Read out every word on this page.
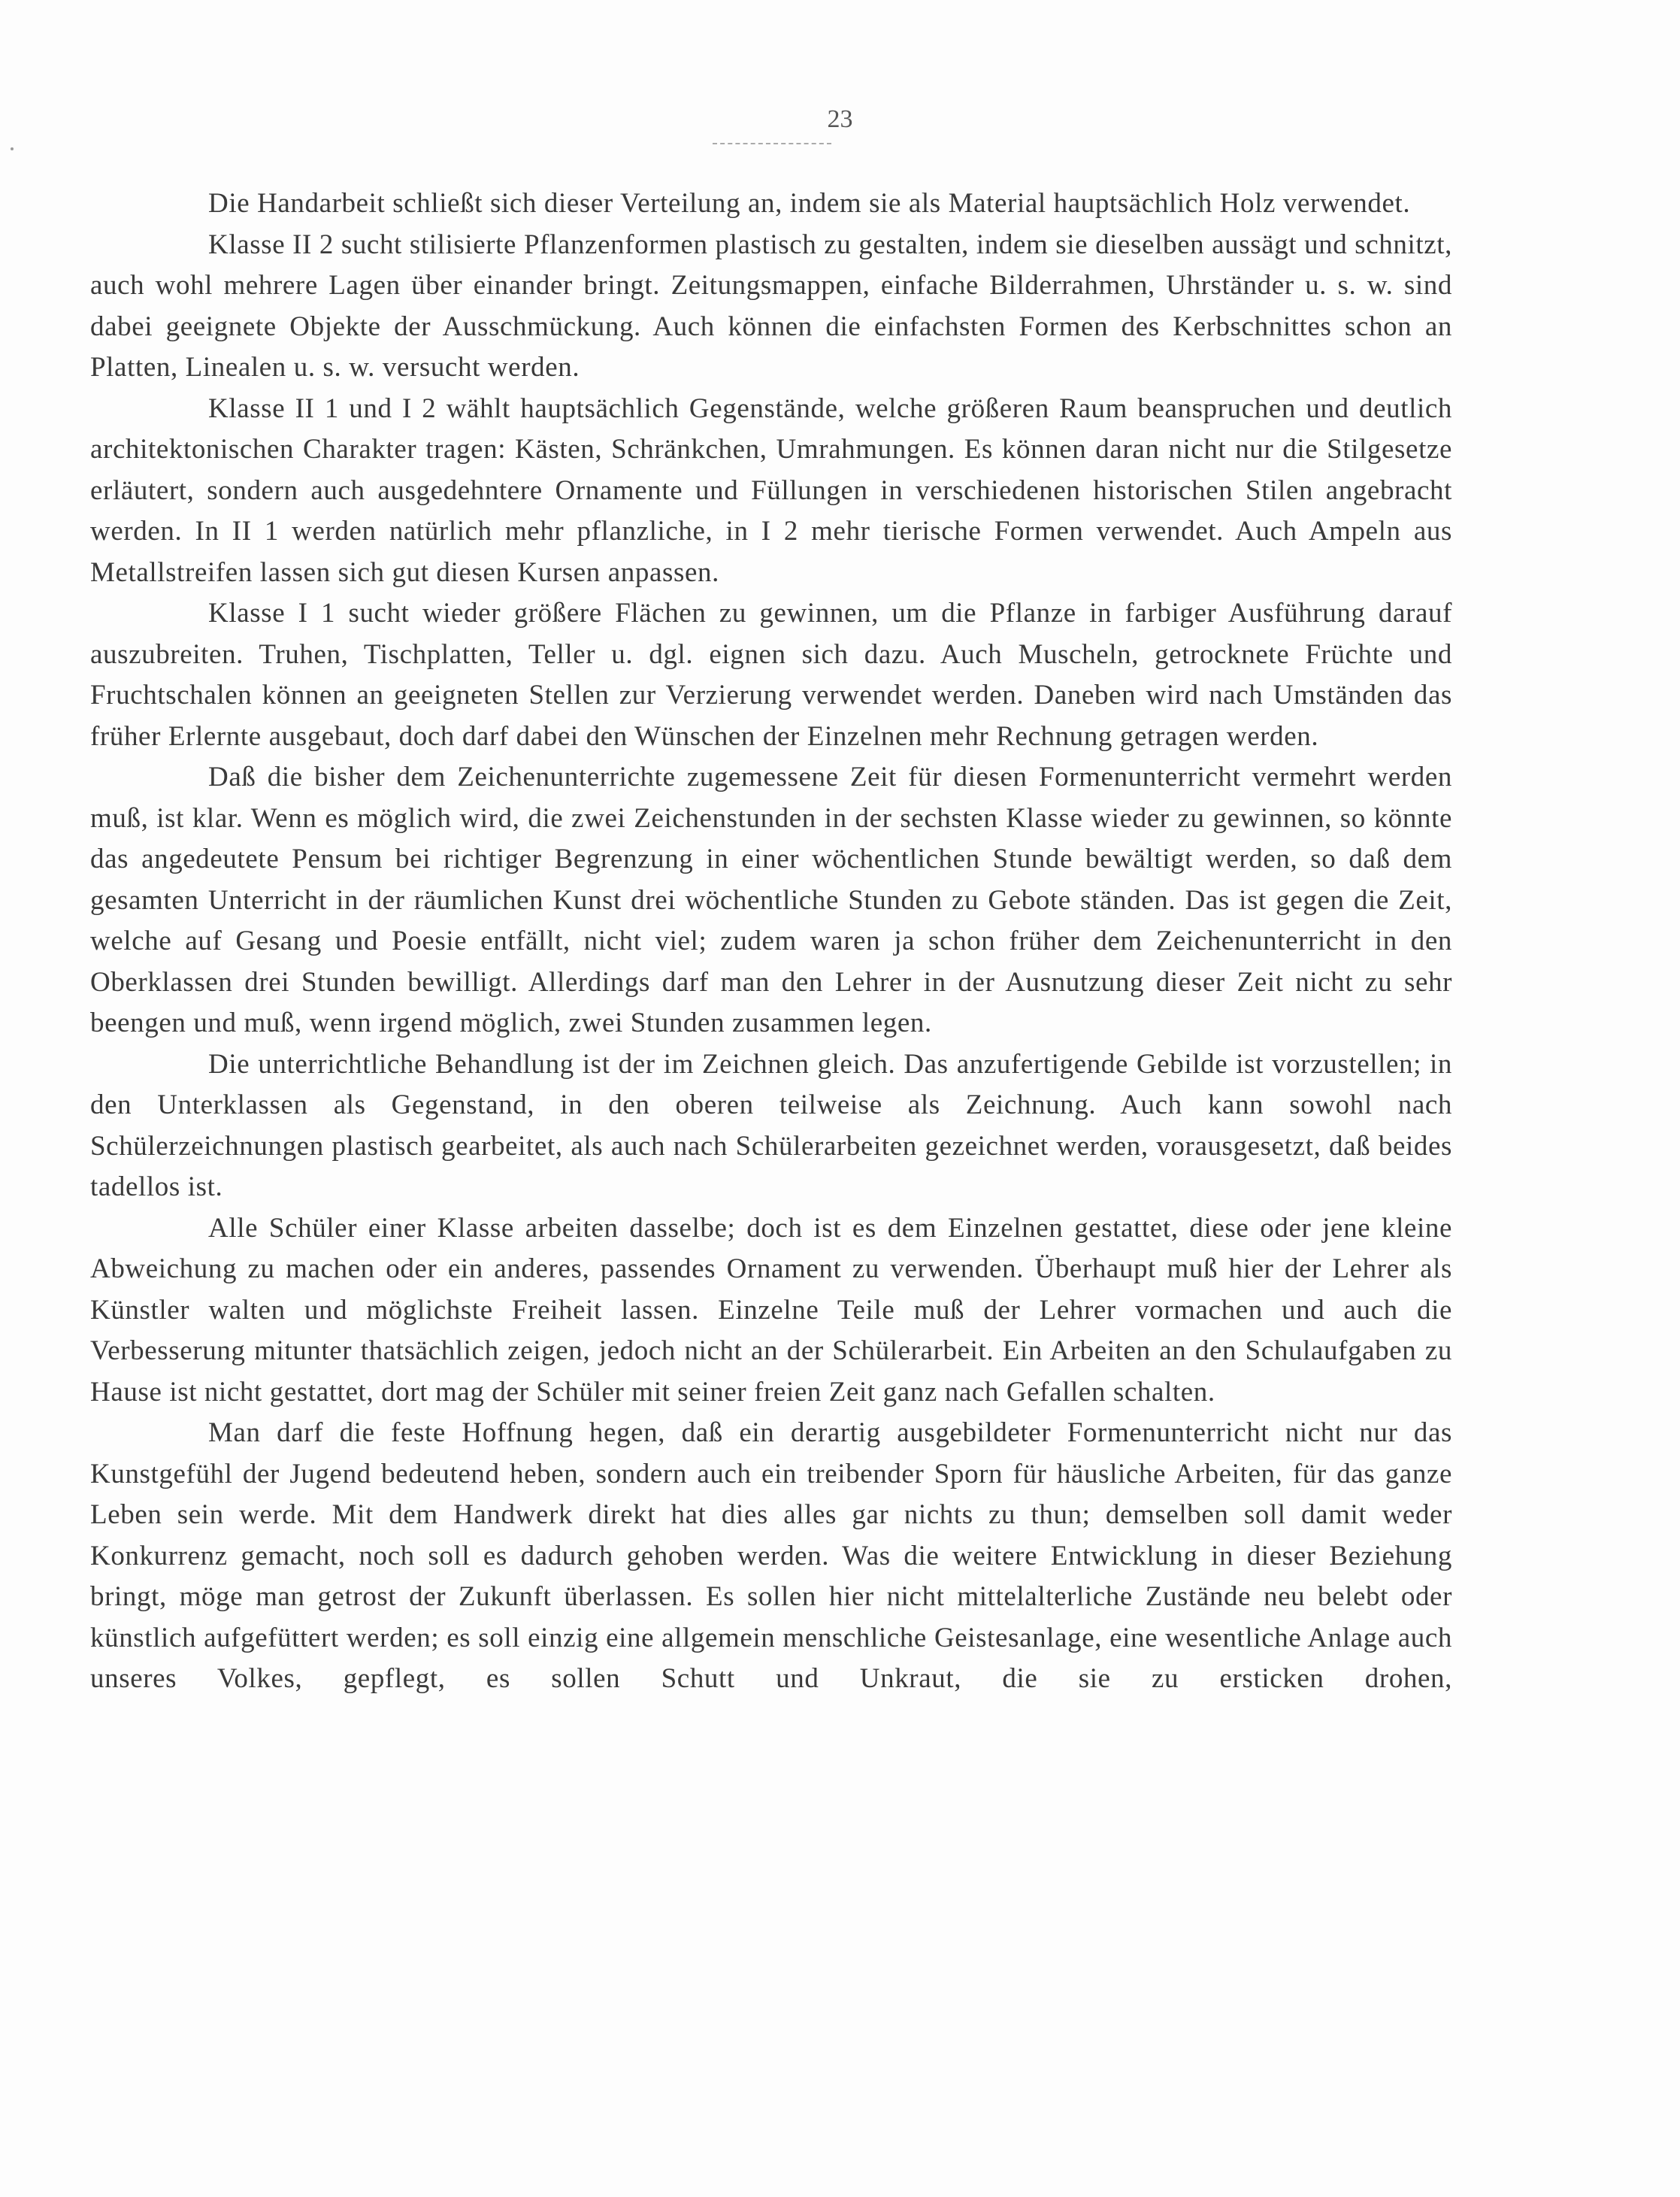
23

Die Handarbeit schließt sich dieser Verteilung an, indem sie als Material hauptsächlich Holz verwendet.

Klasse II 2 sucht stilisierte Pflanzenformen plastisch zu gestalten, indem sie dieselben aussägt und schnitzt, auch wohl mehrere Lagen über einander bringt. Zeitungsmappen, einfache Bilderrahmen, Uhrständer u. s. w. sind dabei geeignete Objekte der Ausschmückung. Auch können die einfachsten Formen des Kerbschnittes schon an Platten, Linealen u. s. w. versucht werden.

Klasse II 1 und I 2 wählt hauptsächlich Gegenstände, welche größeren Raum beanspruchen und deutlich architektonischen Charakter tragen: Kästen, Schränkchen, Umrahmungen. Es können daran nicht nur die Stilgesetze erläutert, sondern auch ausgedehntere Ornamente und Füllungen in verschiedenen historischen Stilen angebracht werden. In II 1 werden natürlich mehr pflanzliche, in I 2 mehr tierische Formen verwendet. Auch Ampeln aus Metallstreifen lassen sich gut diesen Kursen anpassen.

Klasse I 1 sucht wieder größere Flächen zu gewinnen, um die Pflanze in farbiger Ausführung darauf auszubreiten. Truhen, Tischplatten, Teller u. dgl. eignen sich dazu. Auch Muscheln, getrocknete Früchte und Fruchtschalen können an geeigneten Stellen zur Verzierung verwendet werden. Daneben wird nach Umständen das früher Erlernte ausgebaut, doch darf dabei den Wünschen der Einzelnen mehr Rechnung getragen werden.

Daß die bisher dem Zeichenunterrichte zugemessene Zeit für diesen Formenunterricht vermehrt werden muß, ist klar. Wenn es möglich wird, die zwei Zeichenstunden in der sechsten Klasse wieder zu gewinnen, so könnte das angedeutete Pensum bei richtiger Begrenzung in einer wöchentlichen Stunde bewältigt werden, so daß dem gesamten Unterricht in der räumlichen Kunst drei wöchentliche Stunden zu Gebote ständen. Das ist gegen die Zeit, welche auf Gesang und Poesie entfällt, nicht viel; zudem waren ja schon früher dem Zeichenunterricht in den Oberklassen drei Stunden bewilligt. Allerdings darf man den Lehrer in der Ausnutzung dieser Zeit nicht zu sehr beengen und muß, wenn irgend möglich, zwei Stunden zusammen legen.

Die unterrichtliche Behandlung ist der im Zeichnen gleich. Das anzufertigende Gebilde ist vorzustellen; in den Unterklassen als Gegenstand, in den oberen teilweise als Zeichnung. Auch kann sowohl nach Schülerzeichnungen plastisch gearbeitet, als auch nach Schülerarbeiten gezeichnet werden, vorausgesetzt, daß beides tadellos ist.

Alle Schüler einer Klasse arbeiten dasselbe; doch ist es dem Einzelnen gestattet, diese oder jene kleine Abweichung zu machen oder ein anderes, passendes Ornament zu verwenden. Überhaupt muß hier der Lehrer als Künstler walten und möglichste Freiheit lassen. Einzelne Teile muß der Lehrer vormachen und auch die Verbesserung mitunter thatsächlich zeigen, jedoch nicht an der Schülerarbeit. Ein Arbeiten an den Schulaufgaben zu Hause ist nicht gestattet, dort mag der Schüler mit seiner freien Zeit ganz nach Gefallen schalten.

Man darf die feste Hoffnung hegen, daß ein derartig ausgebildeter Formenunterricht nicht nur das Kunstgefühl der Jugend bedeutend heben, sondern auch ein treibender Sporn für häusliche Arbeiten, für das ganze Leben sein werde. Mit dem Handwerk direkt hat dies alles gar nichts zu thun; demselben soll damit weder Konkurrenz gemacht, noch soll es dadurch gehoben werden. Was die weitere Entwicklung in dieser Beziehung bringt, möge man getrost der Zukunft überlassen. Es sollen hier nicht mittelalterliche Zustände neu belebt oder künstlich aufgefüttert werden; es soll einzig eine allgemein menschliche Geistesanlage, eine wesentliche Anlage auch unseres Volkes, gepflegt, es sollen Schutt und Unkraut, die sie zu ersticken drohen,
